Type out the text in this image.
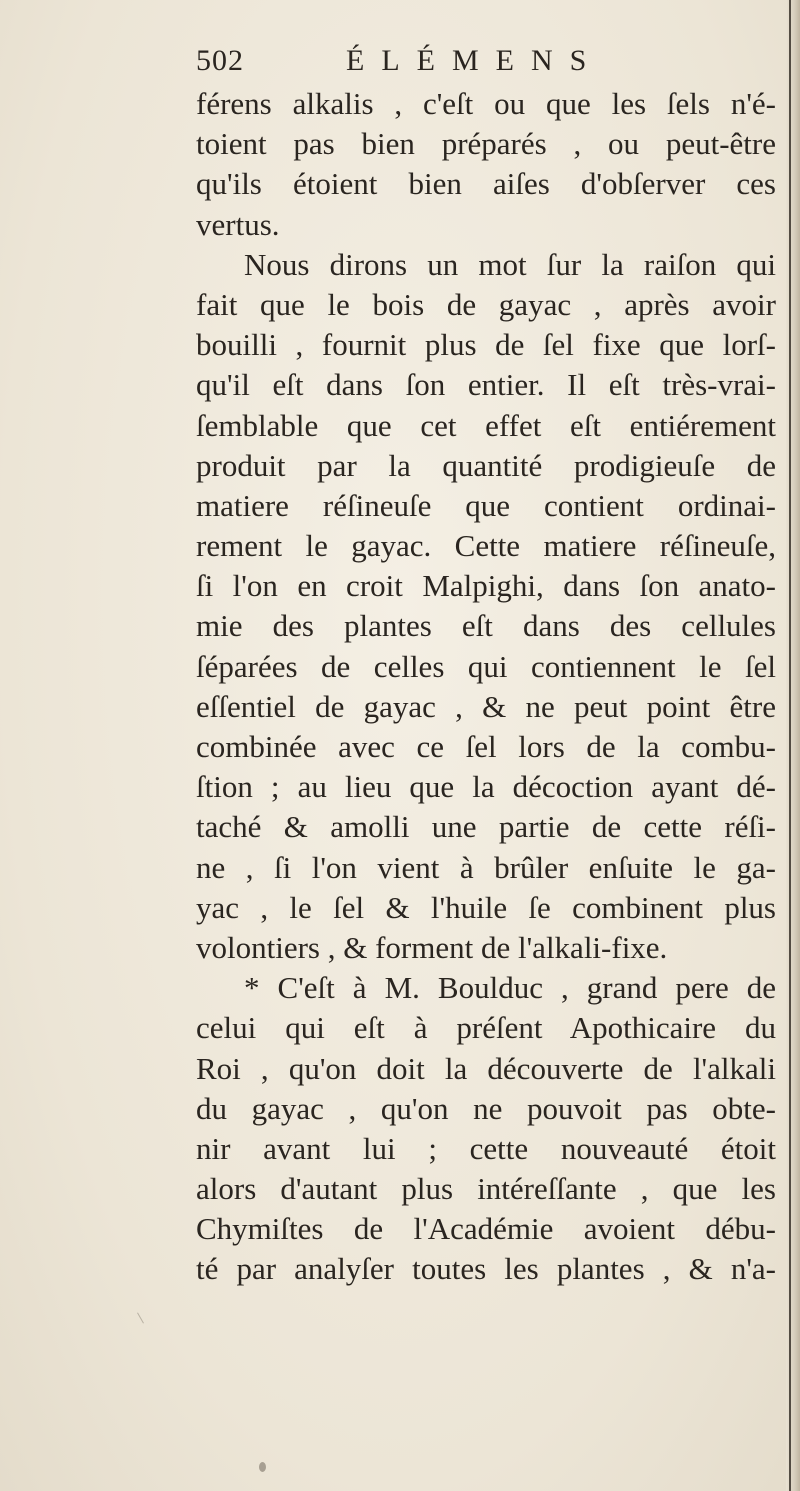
502	ÉLÉMENS
férens alkalis , c'eſt ou que les ſels n'é-
toient pas bien préparés , ou peut-être
qu'ils étoient bien aiſes d'obſerver ces
vertus.
Nous dirons un mot ſur la raiſon qui
fait que le bois de gayac , après avoir
bouilli , fournit plus de ſel fixe que lorſ-
qu'il eſt dans ſon entier. Il eſt très-vrai-
ſemblable que cet effet eſt entiérement
produit par la quantité prodigieuſe de
matiere réſineuſe que contient ordinai-
rement le gayac. Cette matiere réſineuſe,
ſi l'on en croit Malpighi, dans ſon anato-
mie des plantes eſt dans des cellules
ſéparées de celles qui contiennent le ſel
eſſentiel de gayac , & ne peut point être
combinée avec ce ſel lors de la combu-
ſtion ; au lieu que la décoction ayant dé-
taché & amolli une partie de cette réſi-
ne , ſi l'on vient à brûler enſuite le ga-
yac , le ſel & l'huile ſe combinent plus
volontiers , & forment de l'alkali-fixe.
* C'eſt à M. Boulduc , grand pere de
celui qui eſt à préſent Apothicaire du
Roi , qu'on doit la découverte de l'alkali
du gayac , qu'on ne pouvoit pas obte-
nir avant lui ; cette nouveauté étoit
alors d'autant plus intéreſſante , que les
Chymiſtes de l'Académie avoient débu-
té par analyſer toutes les plantes , & n'a-
